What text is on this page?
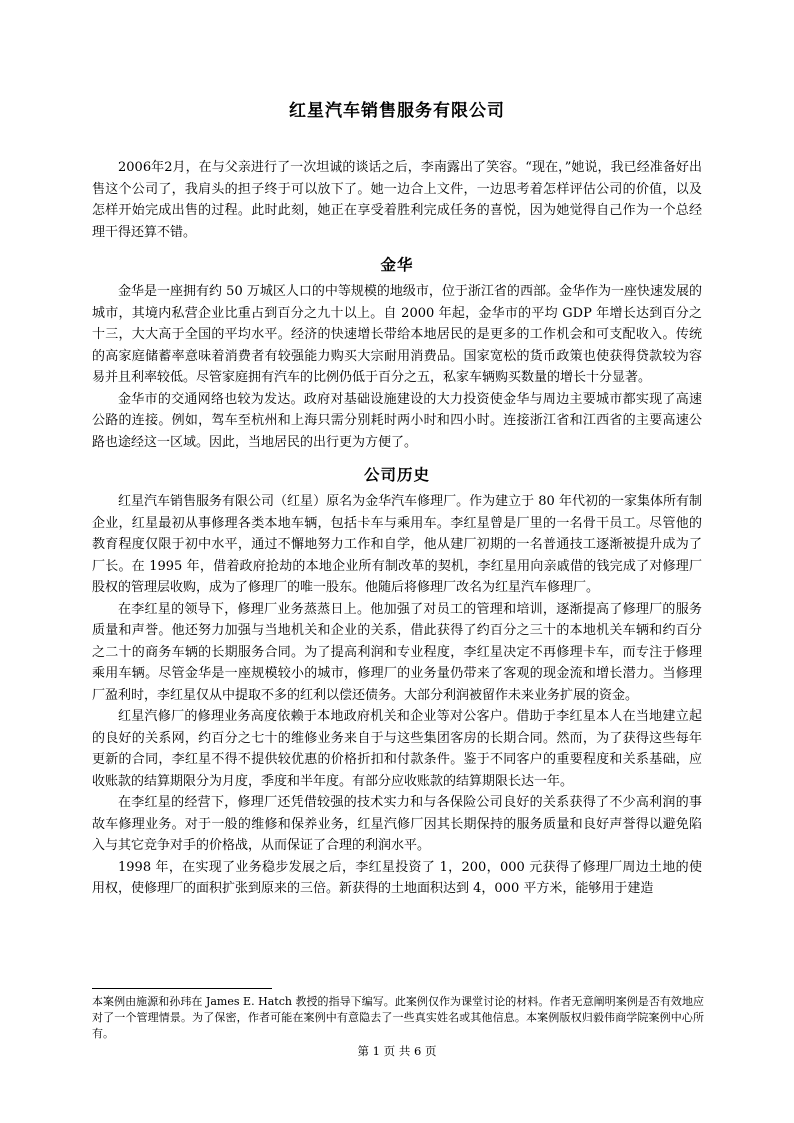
红星汽车销售服务有限公司

2006年2月，在与父亲进行了一次坦诚的谈话之后，李南露出了笑容。“现在，”她说，我已经准备好出售这个公司了，我肩头的担子终于可以放下了。她一边合上文件，一边思考着怎样评估公司的价值，以及怎样开始完成出售的过程。此时此刻，她正在享受着胜利完成任务的喜悦，因为她觉得自己作为一个总经理干得还算不错。

金华

金华是一座拥有约 50 万城区人口的中等规模的地级市，位于浙江省的西部。金华作为一座快速发展的城市，其境内私营企业比重占到百分之九十以上。自 2000 年起，金华市的平均 GDP 年增长达到百分之十三，大大高于全国的平均水平。经济的快速增长带给本地居民的是更多的工作机会和可支配收入。传统的高家庭储蓄率意味着消费者有较强能力购买大宗耐用消费品。国家宽松的货币政策也使获得贷款较为容易并且利率较低。尽管家庭拥有汽车的比例仍低于百分之五，私家车辆购买数量的增长十分显著。

金华市的交通网络也较为发达。政府对基础设施建设的大力投资使金华与周边主要城市都实现了高速公路的连接。例如，驾车至杭州和上海只需分别耗时两小时和四小时。连接浙江省和江西省的主要高速公路也途经这一区域。因此，当地居民的出行更为方便了。

公司历史

红星汽车销售服务有限公司（红星）原名为金华汽车修理厂。作为建立于 80 年代初的一家集体所有制企业，红星最初从事修理各类本地车辆，包括卡车与乘用车。李红星曾是厂里的一名骨干员工。尽管他的教育程度仅限于初中水平，通过不懈地努力工作和自学，他从建厂初期的一名普通技工逐渐被提升成为了厂长。在 1995 年，借着政府抢劫的本地企业所有制改革的契机，李红星用向亲戚借的钱完成了对修理厂股权的管理层收购，成为了修理厂的唯一股东。他随后将修理厂改名为红星汽车修理厂。

在李红星的领导下，修理厂业务蒸蒸日上。他加强了对员工的管理和培训，逐渐提高了修理厂的服务质量和声誉。他还努力加强与当地机关和企业的关系，借此获得了约百分之三十的本地机关车辆和约百分之二十的商务车辆的长期服务合同。为了提高利润和专业程度，李红星决定不再修理卡车，而专注于修理乘用车辆。尽管金华是一座规模较小的城市，修理厂的业务量仍带来了客观的现金流和增长潜力。当修理厂盈利时，李红星仅从中提取不多的红利以偿还债务。大部分利润被留作未来业务扩展的资金。

红星汽修厂的修理业务高度依赖于本地政府机关和企业等对公客户。借助于李红星本人在当地建立起的良好的关系网，约百分之七十的维修业务来自于与这些集团客房的长期合同。然而，为了获得这些每年更新的合同，李红星不得不提供较优惠的价格折扣和付款条件。鉴于不同客户的重要程度和关系基础，应收账款的结算期限分为月度，季度和半年度。有部分应收账款的结算期限长达一年。

在李红星的经营下，修理厂还凭借较强的技术实力和与各保险公司良好的关系获得了不少高利润的事故车修理业务。对于一般的维修和保养业务，红星汽修厂因其长期保持的服务质量和良好声誉得以避免陷入与其它竞争对手的价格战，从而保证了合理的利润水平。

1998 年，在实现了业务稳步发展之后，李红星投资了 1，200，000 元获得了修理厂周边土地的使用权，使修理厂的面积扩张到原来的三倍。新获得的土地面积达到 4，000 平方米，能够用于建造

本案例由施源和孙玮在 James E. Hatch 教授的指导下编写。此案例仅作为课堂讨论的材料。作者无意阐明案例是否有效地应对了一个管理情景。为了保密，作者可能在案例中有意隐去了一些真实姓名或其他信息。本案例版权归毅伟商学院案例中心所有。
第 1 页 共 6 页
